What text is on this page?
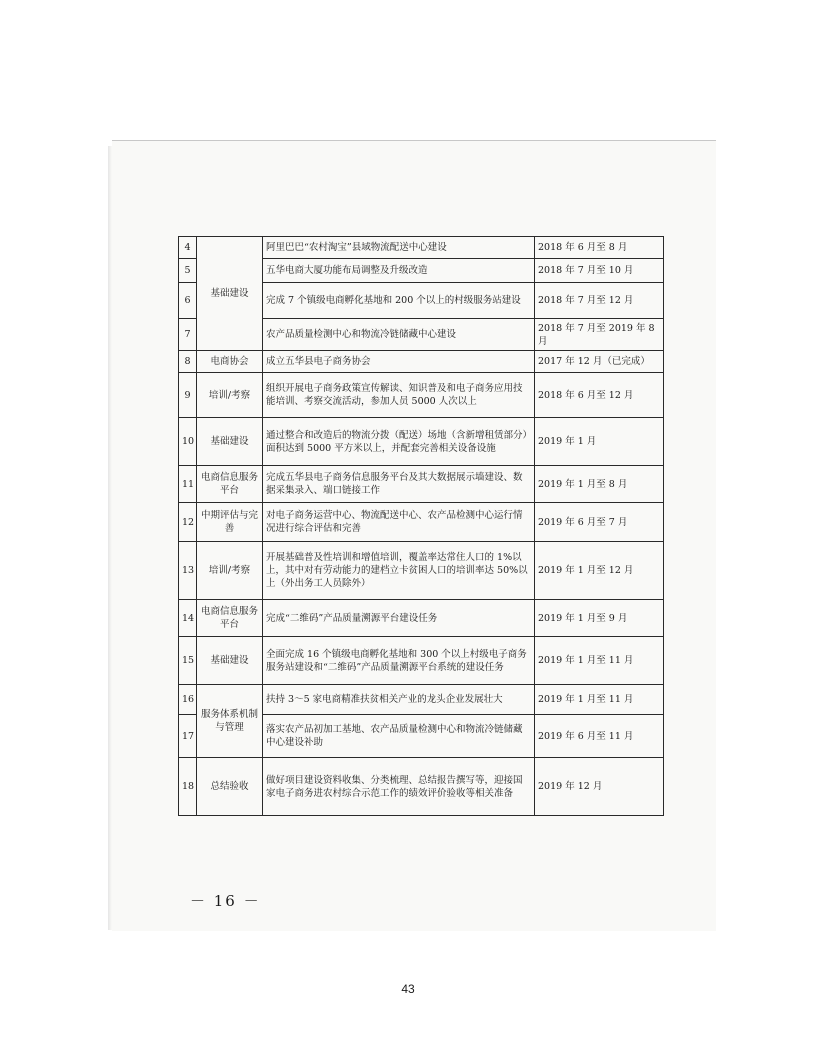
4	基础建设	阿里巴巴“农村淘宝”县域物流配送中心建设	2018 年 6 月至 8 月
5		五华电商大厦功能布局调整及升级改造	2018 年 7 月至 10 月
6		完成 7 个镇级电商孵化基地和 200 个以上的村级服务站建设	2018 年 7 月至 12 月
7		农产品质量检测中心和物流冷链储藏中心建设	2018 年 7 月至 2019 年 8 月
8	电商协会	成立五华县电子商务协会	2017 年 12 月（已完成）
9	培训/考察	组织开展电子商务政策宣传解读、知识普及和电子商务应用技能培训、考察交流活动，参加人员 5000 人次以上	2018 年 6 月至 12 月
10	基础建设	通过整合和改造后的物流分拨（配送）场地（含新增租赁部分）面积达到 5000 平方米以上，并配套完善相关设备设施	2019 年 1 月
11	电商信息服务平台	完成五华县电子商务信息服务平台及其大数据展示墙建设、数据采集录入、端口链接工作	2019 年 1 月至 8 月
12	中期评估与完善	对电子商务运营中心、物流配送中心、农产品检测中心运行情况进行综合评估和完善	2019 年 6 月至 7 月
13	培训/考察	开展基础普及性培训和增值培训，覆盖率达常住人口的 1%以上，其中对有劳动能力的建档立卡贫困人口的培训率达 50%以上（外出务工人员除外）	2019 年 1 月至 12 月
14	电商信息服务平台	完成“二维码”产品质量溯源平台建设任务	2019 年 1 月至 9 月
15	基础建设	全面完成 16 个镇级电商孵化基地和 300 个以上村级电子商务服务站建设和“二维码”产品质量溯源平台系统的建设任务	2019 年 1 月至 11 月
16	服务体系机制与管理	扶持 3～5 家电商精准扶贫相关产业的龙头企业发展壮大	2019 年 1 月至 11 月
17		落实农产品初加工基地、农产品质量检测中心和物流冷链储藏中心建设补助	2019 年 6 月至 11 月
18	总结验收	做好项目建设资料收集、分类梳理、总结报告撰写等，迎接国家电子商务进农村综合示范工作的绩效评价验收等相关准备	2019 年 12 月
－ 16 －
43
